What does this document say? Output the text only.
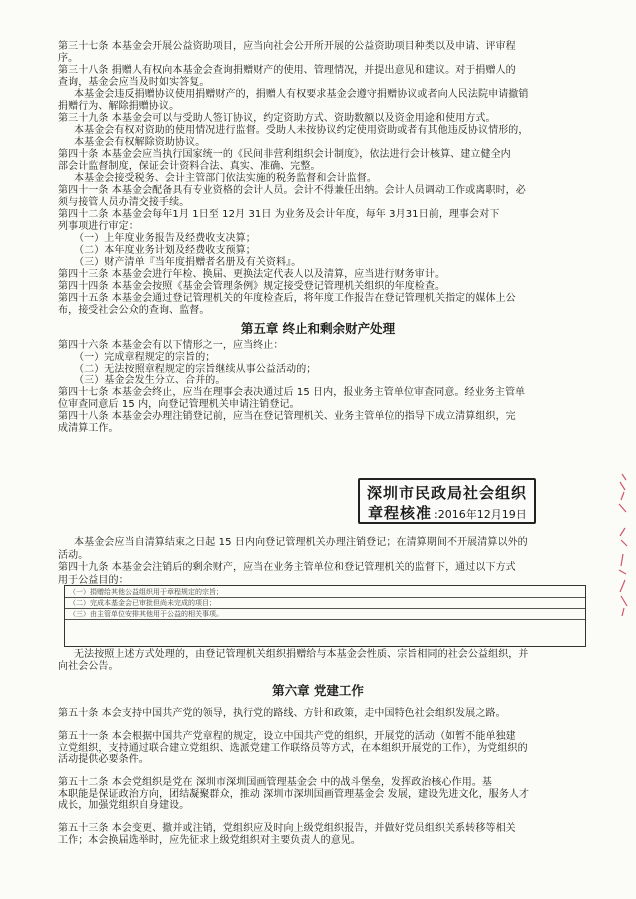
第三十七条 本基金会开展公益资助项目，应当向社会公开所开展的公益资助项目种类以及申请、评审程
序。
第三十八条 捐赠人有权向本基金会查询捐赠财产的使用、管理情况，并提出意见和建议。对于捐赠人的
查询，基金会应当及时如实答复。
本基金会违反捐赠协议使用捐赠财产的，捐赠人有权要求基金会遵守捐赠协议或者向人民法院申请撤销
捐赠行为、解除捐赠协议。
第三十九条 本基金会可以与受助人签订协议，约定资助方式、资助数额以及资金用途和使用方式。
本基金会有权对资助的使用情况进行监督。受助人未按协议约定使用资助或者有其他违反协议情形的，
本基金会有权解除资助协议。
第四十条 本基金会应当执行国家统一的《民间非营利组织会计制度》，依法进行会计核算、建立健全内
部会计监督制度，保证会计资料合法、真实、准确、完整。
本基金会接受税务、会计主管部门依法实施的税务监督和会计监督。
第四十一条 本基金会配备具有专业资格的会计人员。会计不得兼任出纳。会计人员调动工作或离职时，必
须与接管人员办清交接手续。
第四十二条 本基金会每年1月 1日至 12月 31日 为业务及会计年度，每年 3月31日前，理事会对下
列事项进行审定：
（一）上年度业务报告及经费收支决算；
（二）本年度业务计划及经费收支预算；
（三）财产清单『当年度捐赠者名册及有关资料』。
第四十三条 本基金会进行年检、换届、更换法定代表人以及清算，应当进行财务审计。
第四十四条 本基金会按照《基金会管理条例》规定接受登记管理机关组织的年度检查。
第四十五条 本基金会通过登记管理机关的年度检查后，将年度工作报告在登记管理机关指定的媒体上公
布，接受社会公众的查询、监督。
第五章 终止和剩余财产处理
第四十六条 本基金会有以下情形之一，应当终止：
（一）完成章程规定的宗旨的；
（二）无法按照章程规定的宗旨继续从事公益活动的；
（三）基金会发生分立、合并的。
第四十七条 本基金会终止，应当在理事会表决通过后 15 日内，报业务主管单位审查同意。经业务主管单
位审查同意后 15 内，向登记管理机关申请注销登记。
第四十八条 本基金会办理注销登记前，应当在登记管理机关、业务主管单位的指导下成立清算组织，完
成清算工作。
深圳市民政局社会组织
章程核准 :2016年12月19日
本基金会应当自清算结束之日起 15 日内向登记管理机关办理注销登记；在清算期间不开展清算以外的
活动。
第四十九条 本基金会注销后的剩余财产，应当在业务主管单位和登记管理机关的监督下，通过以下方式
用于公益目的：
（一）捐赠给其他公益组织用于章程规定的宗旨；
（二）完成本基金会已审批但尚未完成的项目；
（三）由主管单位安排其他用于公益的相关事项。
无法按照上述方式处理的，由登记管理机关组织捐赠给与本基金会性质、宗旨相同的社会公益组织，并
向社会公告。
第六章 党建工作
第五十条 本会支持中国共产党的领导，执行党的路线、方针和政策，走中国特色社会组织发展之路。
第五十一条 本会根据中国共产党章程的规定，设立中国共产党的组织，开展党的活动（如暂不能单独建
立党组织，支持通过联合建立党组织、选派党建工作联络员等方式，在本组织开展党的工作），为党组织的
活动提供必要条件。
第五十二条 本会党组织是党在 深圳市深圳国画管理基金会 中的战斗堡垒，发挥政治核心作用。基
本职能是保证政治方向，团结凝聚群众，推动 深圳市深圳国画管理基金会 发展，建设先进文化，服务人才
成长，加强党组织自身建设。
第五十三条 本会变更、撤并或注销，党组织应及时向上级党组织报告，并做好党员组织关系转移等相关
工作；本会换届选举时，应先征求上级党组织对主要负责人的意见。
